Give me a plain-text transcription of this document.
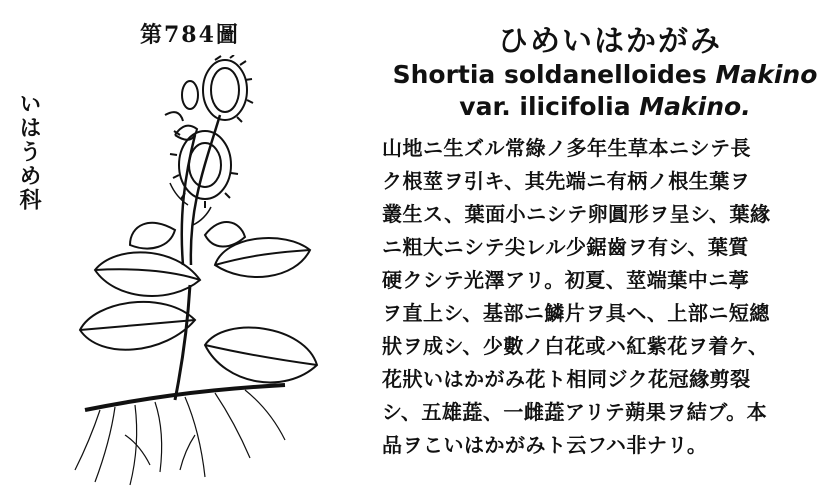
第784圖
いはうめ科
ひめいはかがみ
Shortia soldanelloides Makino
var. ilicifolia Makino.
山地ニ生ズル常綠ノ多年生草本ニシテ長
ク根莖ヲ引キ、其先端ニ有柄ノ根生葉ヲ
叢生ス、葉面小ニシテ卵圓形ヲ呈シ、葉緣
ニ粗大ニシテ尖レル少鋸齒ヲ有シ、葉質
硬クシテ光澤アリ。初夏、莖端葉中ニ葶
ヲ直上シ、基部ニ鱗片ヲ具ヘ、上部ニ短總
狀ヲ成シ、少數ノ白花或ハ紅紫花ヲ着ケ、
花狀いはかがみ花ト相同ジク花冠緣剪裂
シ、五雄蕋、一雌蕋アリテ蒴果ヲ結ブ。本
品ヲこいはかがみト云フハ非ナリ。
